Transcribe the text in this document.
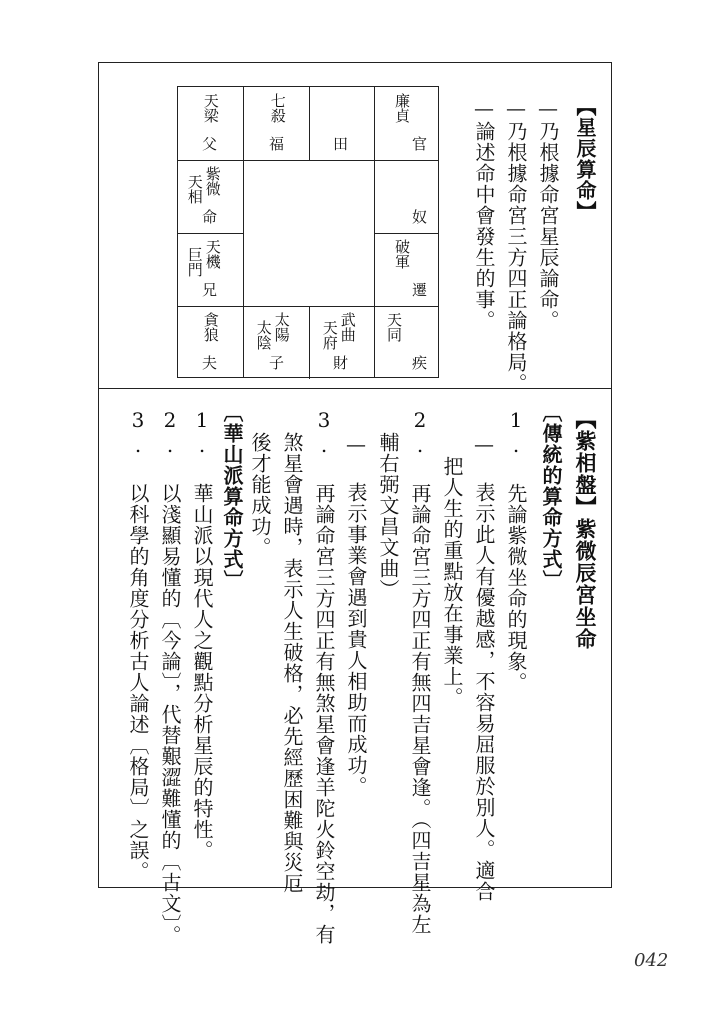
【星辰算命】
—乃根據命宮星辰論命。
—乃根據命宮三方四正論格局。
—論述命中會發生的事。
廉貞
官
田
七殺
福
天梁
父
奴
紫微
天相
命
破軍
遷
天機
巨門
兄
天同
疾
武曲
天府
財
太陽
太陰
子
貪狼
夫
【紫相盤】紫微辰宮坐命
〔傳統的算命方式〕
1. 先論紫微坐命的現象。
— 表示此人有優越感，不容易屈服於別人。適合
把人生的重點放在事業上。
2. 再論命宮三方四正有無四吉星會逢。（四吉星為左
輔右弼文昌文曲）
— 表示事業會遇到貴人相助而成功。
3. 再論命宮三方四正有無煞星會逢羊陀火鈴空劫，有
煞星會遇時，表示人生破格，必先經歷困難與災厄
後才能成功。
〔華山派算命方式〕
1. 華山派以現代人之觀點分析星辰的特性。
2. 以淺顯易懂的〔今論〕，代替艱澀難懂的〔古文〕。
3. 以科學的角度分析古人論述〔格局〕之誤。
042
